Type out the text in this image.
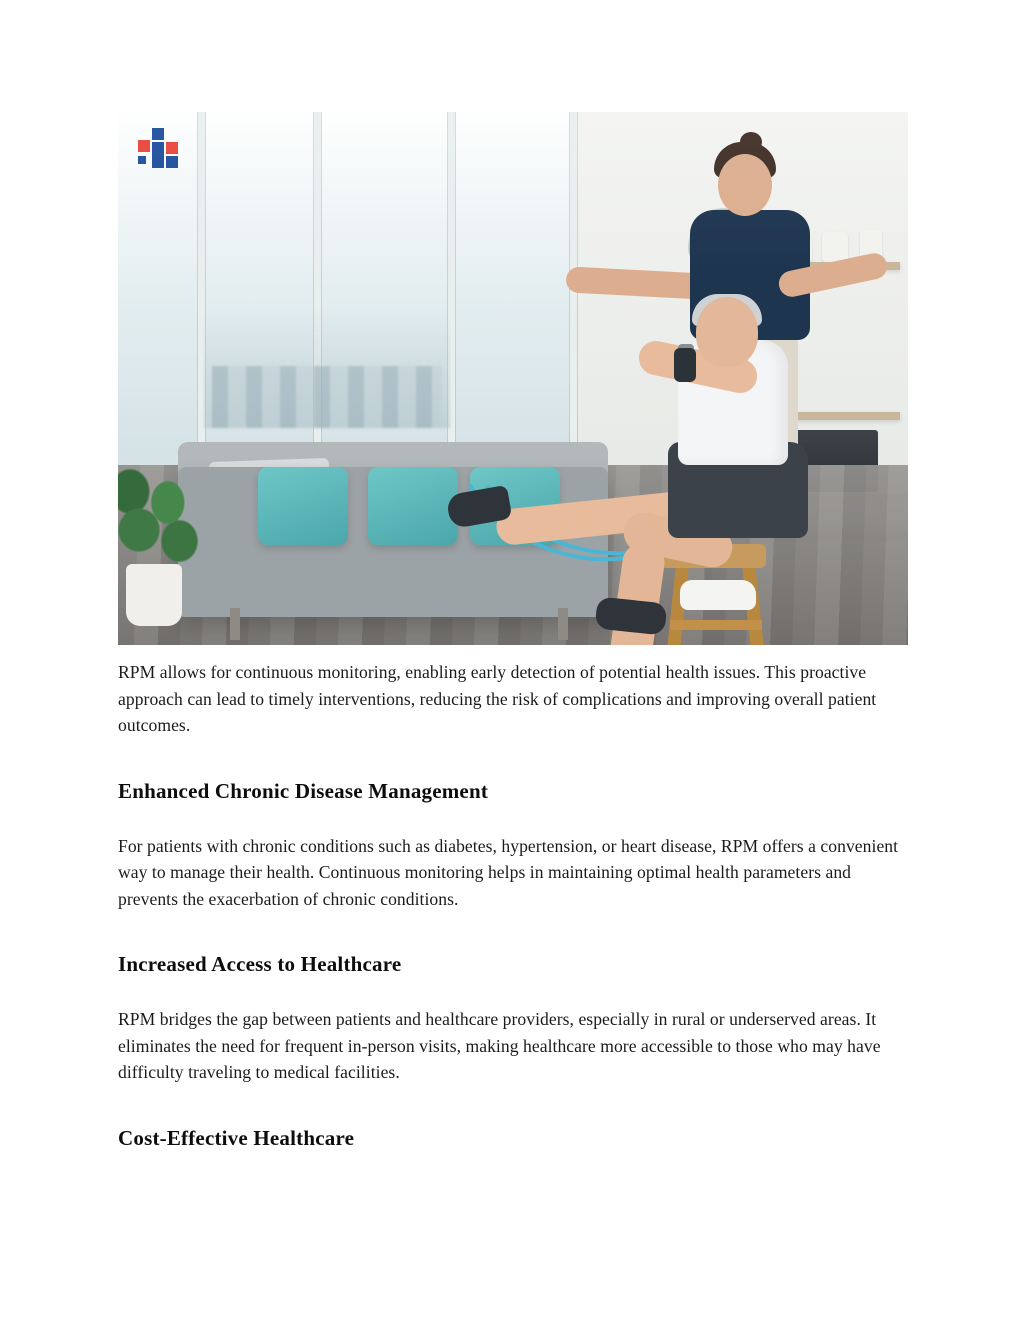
RPM allows for continuous monitoring, enabling early detection of potential health issues. This proactive approach can lead to timely interventions, reducing the risk of complications and improving overall patient outcomes.

Enhanced Chronic Disease Management

For patients with chronic conditions such as diabetes, hypertension, or heart disease, RPM offers a convenient way to manage their health. Continuous monitoring helps in maintaining optimal health parameters and prevents the exacerbation of chronic conditions.

Increased Access to Healthcare

RPM bridges the gap between patients and healthcare providers, especially in rural or underserved areas. It eliminates the need for frequent in-person visits, making healthcare more accessible to those who may have difficulty traveling to medical facilities.

Cost-Effective Healthcare
